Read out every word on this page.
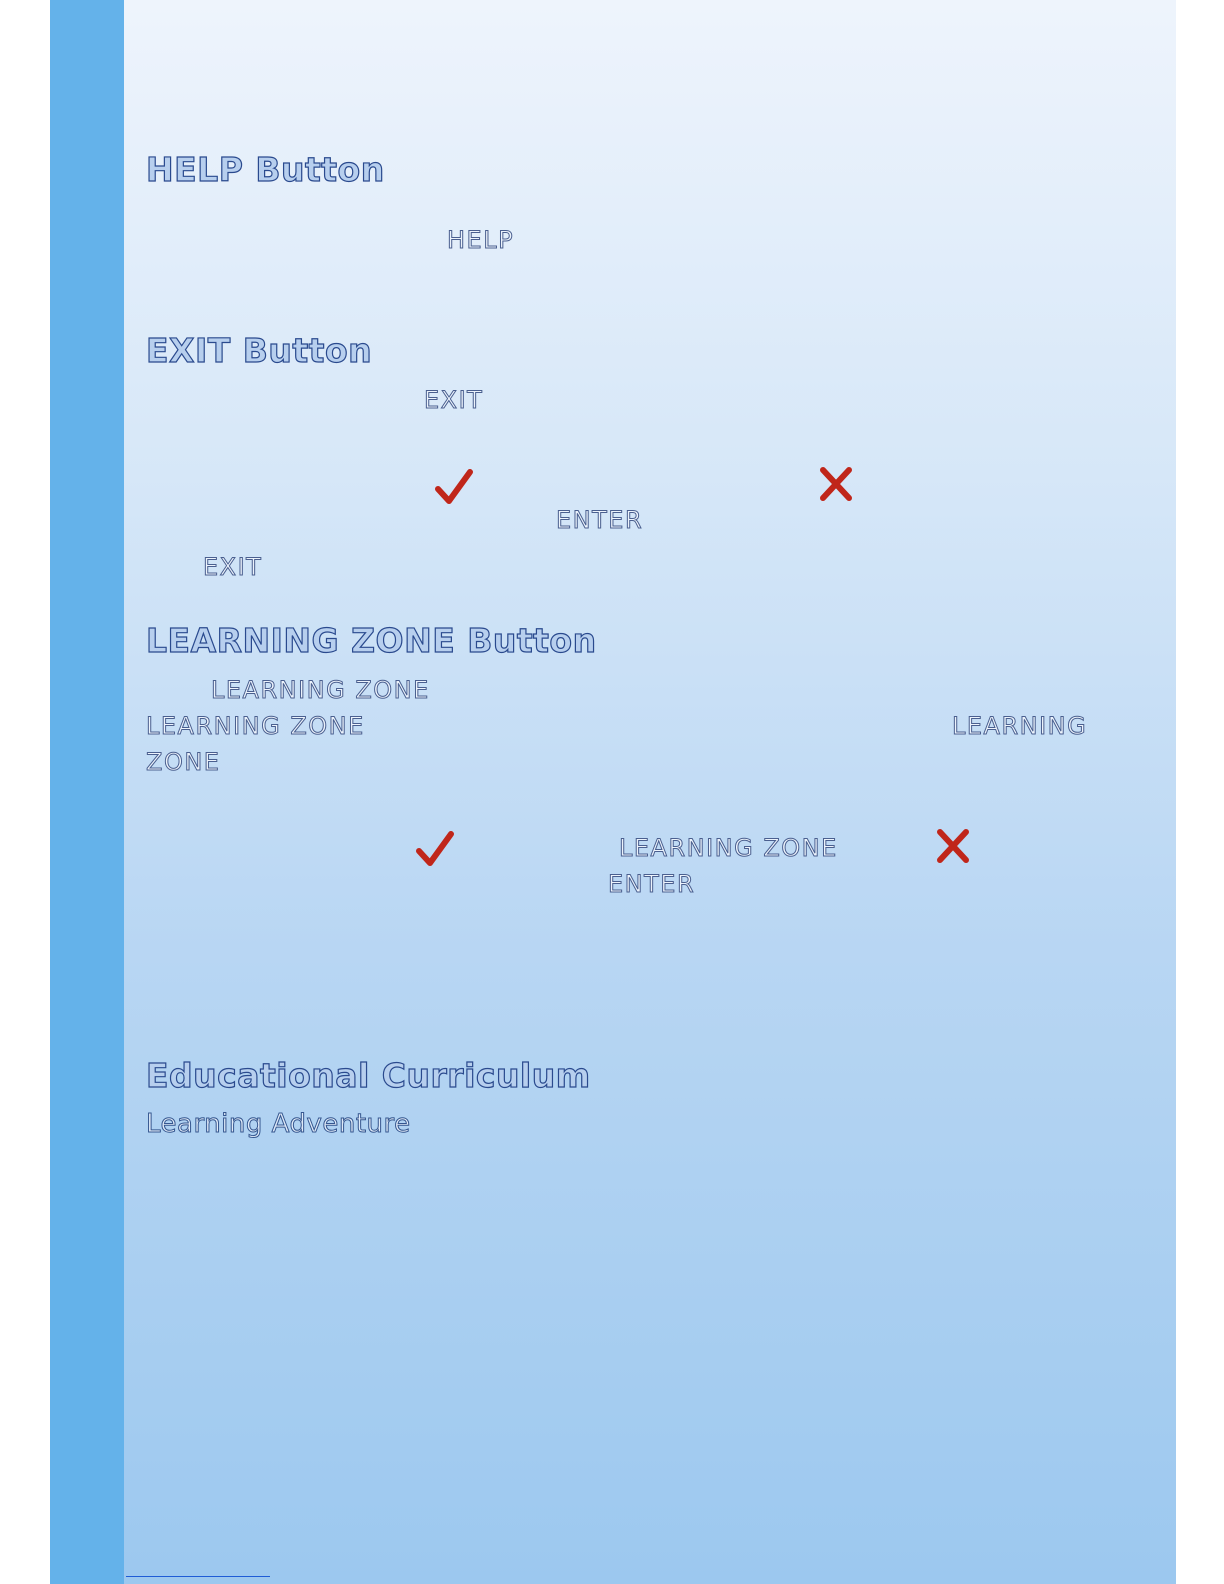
HELP Button
HELP
EXIT Button
EXIT
ENTER
EXIT
LEARNING ZONE Button
LEARNING ZONE
LEARNING ZONE	LEARNING
ZONE
LEARNING ZONE
ENTER
Educational Curriculum
Learning Adventure
